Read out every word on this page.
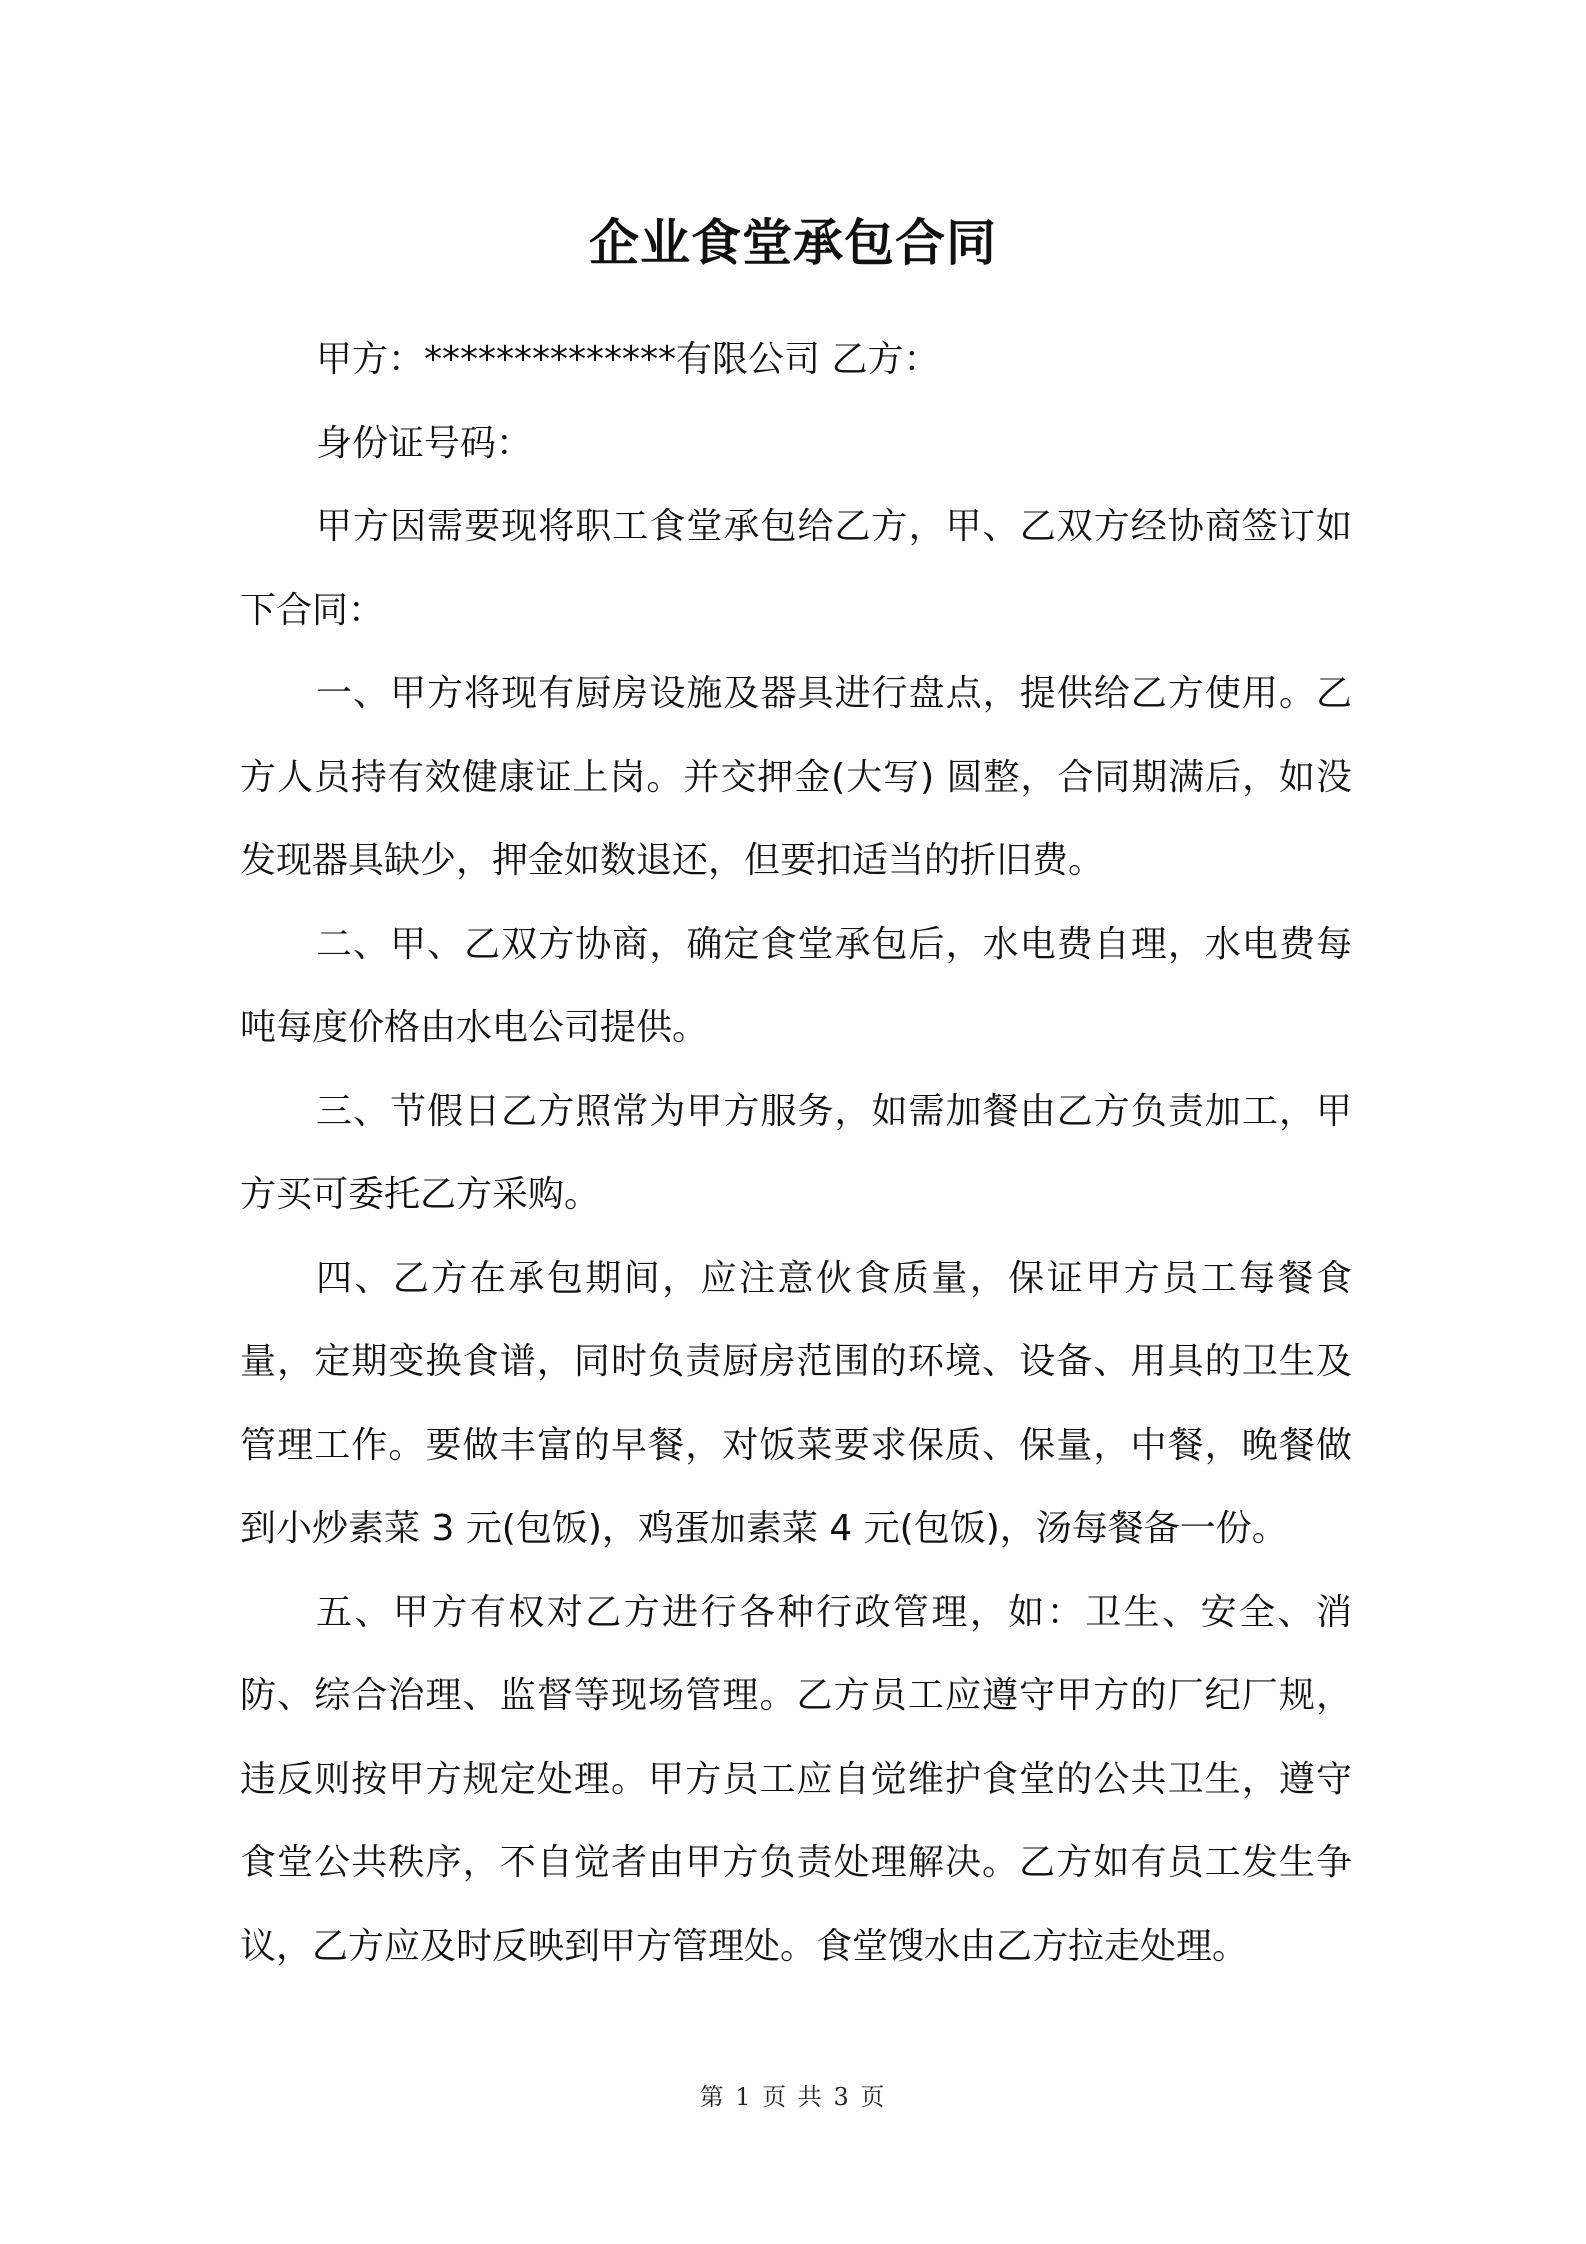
企业食堂承包合同

甲方：**************有限公司 乙方：

身份证号码：

甲方因需要现将职工食堂承包给乙方，甲、乙双方经协商签订如下合同：

一、甲方将现有厨房设施及器具进行盘点，提供给乙方使用。乙方人员持有效健康证上岗。并交押金(大写) 圆整，合同期满后，如没发现器具缺少，押金如数退还，但要扣适当的折旧费。

二、甲、乙双方协商，确定食堂承包后，水电费自理，水电费每吨每度价格由水电公司提供。

三、节假日乙方照常为甲方服务，如需加餐由乙方负责加工，甲方买可委托乙方采购。

四、乙方在承包期间，应注意伙食质量，保证甲方员工每餐食量，定期变换食谱，同时负责厨房范围的环境、设备、用具的卫生及管理工作。要做丰富的早餐，对饭菜要求保质、保量，中餐，晚餐做到小炒素菜 3 元(包饭)，鸡蛋加素菜 4 元(包饭)，汤每餐备一份。

五、甲方有权对乙方进行各种行政管理，如：卫生、安全、消防、综合治理、监督等现场管理。乙方员工应遵守甲方的厂纪厂规，违反则按甲方规定处理。甲方员工应自觉维护食堂的公共卫生，遵守食堂公共秩序，不自觉者由甲方负责处理解决。乙方如有员工发生争议，乙方应及时反映到甲方管理处。食堂馊水由乙方拉走处理。

第 1 页 共 3 页
